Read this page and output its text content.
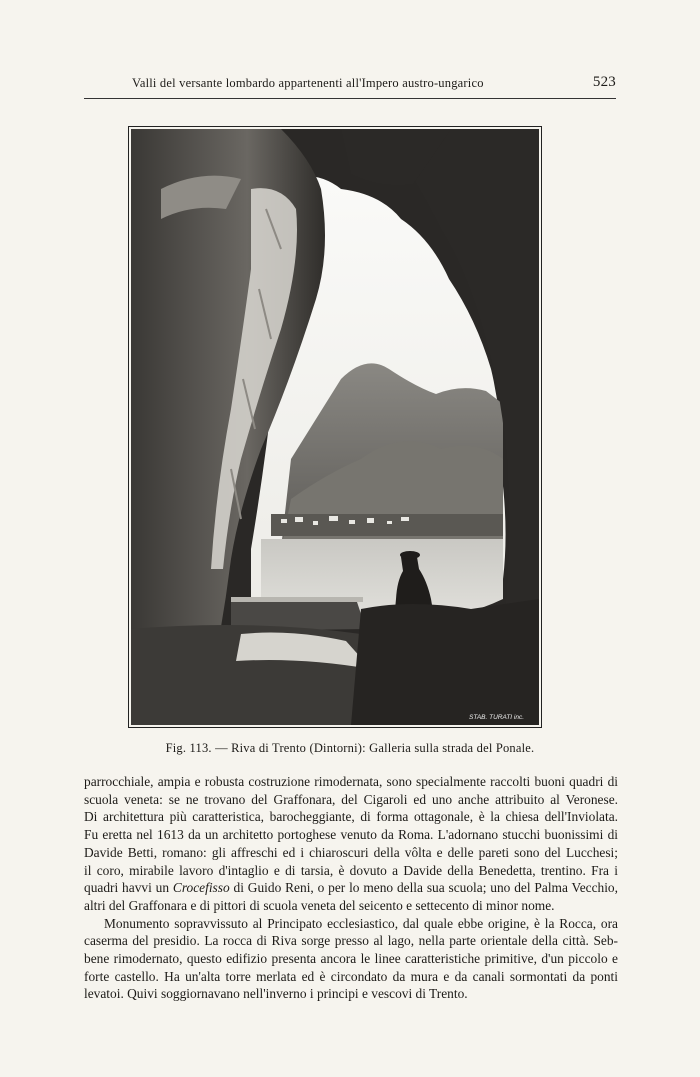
Valli del versante lombardo appartenenti all'Impero austro-ungarico	523
STAB. TURATI inc.
Fig. 113. — Riva di Trento (Dintorni): Galleria sulla strada del Ponale.
parrocchiale, ampia e robusta costruzione rimodernata, sono specialmente raccolti buoni quadri di
scuola veneta: se ne trovano del Graffonara, del Cigaroli ed uno anche attribuito al Veronese.
Di architettura più caratteristica, barocheggiante, di forma ottagonale, è la chiesa dell'Inviolata.
Fu eretta nel 1613 da un architetto portoghese venuto da Roma. L'adornano stucchi buonissimi di
Davide Betti, romano: gli affreschi ed i chiaroscuri della vôlta e delle pareti sono del Lucchesi;
il coro, mirabile lavoro d'intaglio e di tarsia, è dovuto a Davide della Benedetta, trentino. Fra i
quadri havvi un Crocefisso di Guido Reni, o per lo meno della sua scuola; uno del Palma Vecchio,
altri del Graffonara e di pittori di scuola veneta del seicento e settecento di minor nome.
Monumento sopravvissuto al Principato ecclesiastico, dal quale ebbe origine, è la Rocca, ora
caserma del presidio. La rocca di Riva sorge presso al lago, nella parte orientale della città. Seb-
bene rimodernato, questo edifizio presenta ancora le linee caratteristiche primitive, d'un piccolo e
forte castello. Ha un'alta torre merlata ed è circondato da mura e da canali sormontati da ponti
levatoi. Quivi soggiornavano nell'inverno i principi e vescovi di Trento.
